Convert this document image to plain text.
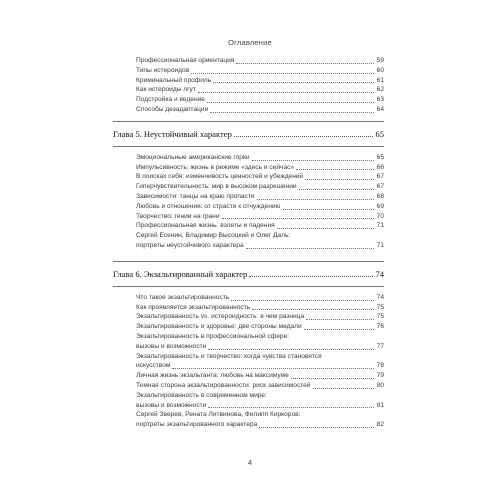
Оглавление
Профессиональная ориентация	59
Типы истероидов	60
Криминальный профиль	61
Как истероиды лгут	62
Подстройка и ведение	63
Способы дезадаптации	64
Глава 5. Неустойчивый характер	65
Эмоциональные американские горки	65
Импульсивность: жизнь в режиме «здесь и сейчас»	66
В поисках себя: изменчивость ценностей и убеждений	67
Гиперчувствительность: мир в высоком разрешении	67
Зависимости: танцы на краю пропасти	68
Любовь и отношения: от страсти к отчуждению	69
Творчество: гении на грани	70
Профессиональная жизнь: взлеты и падения	71
Сергей Есенин, Владимир Высоцкий и Олег Даль:
портреты неустойчивого характера	71
Глава 6. Экзальтированный характер	74
Что такое экзальтированность	74
Как проявляется экзальтированность	75
Экзальтированность vs. истероидность: в чем разница	75
Экзальтированность и здоровье: две стороны медали	76
Экзальтированность в профессиональной сфере:
вызовы и возможности	77
Экзальтированность и творчество: когда чувства становятся
искусством	78
Личная жизнь экзальтанта: любовь на максимуме	79
Темная сторона экзальтированности: риск зависимостей	80
Экзальтированность в современном мире:
вызовы и возможности	81
Сергей Зверев, Рената Литвинова, Филипп Киркоров:
портреты экзальтированного характера	82
4
